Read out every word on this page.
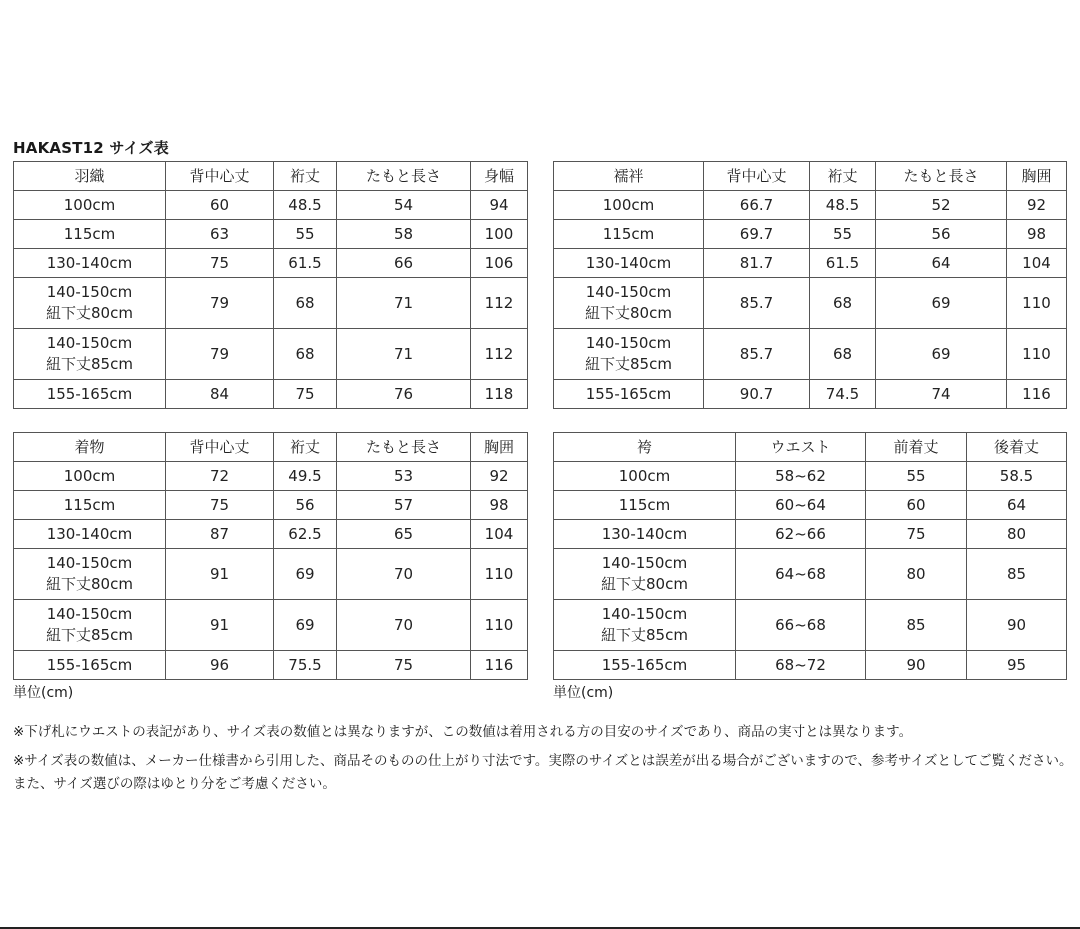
HAKAST12 サイズ表
羽織	背中心丈	裄丈	たもと長さ	身幅
100cm	60	48.5	54	94
115cm	63	55	58	100
130-140cm	75	61.5	66	106
140-150cm
紐下丈80cm	79	68	71	112
140-150cm
紐下丈85cm	79	68	71	112
155-165cm	84	75	76	118
襦袢	背中心丈	裄丈	たもと長さ	胸囲
100cm	66.7	48.5	52	92
115cm	69.7	55	56	98
130-140cm	81.7	61.5	64	104
140-150cm
紐下丈80cm	85.7	68	69	110
140-150cm
紐下丈85cm	85.7	68	69	110
155-165cm	90.7	74.5	74	116
着物	背中心丈	裄丈	たもと長さ	胸囲
100cm	72	49.5	53	92
115cm	75	56	57	98
130-140cm	87	62.5	65	104
140-150cm
紐下丈80cm	91	69	70	110
140-150cm
紐下丈85cm	91	69	70	110
155-165cm	96	75.5	75	116
袴	ウエスト	前着丈	後着丈
100cm	58~62	55	58.5
115cm	60~64	60	64
130-140cm	62~66	75	80
140-150cm
紐下丈80cm	64~68	80	85
140-150cm
紐下丈85cm	66~68	85	90
155-165cm	68~72	90	95
単位(cm)	単位(cm)
※下げ札にウエストの表記があり、サイズ表の数値とは異なりますが、この数値は着用される方の目安のサイズであり、商品の実寸とは異なります。
※サイズ表の数値は、メーカー仕様書から引用した、商品そのものの仕上がり寸法です。実際のサイズとは誤差が出る場合がございますので、参考サイズとしてご覧ください。また、サイズ選びの際はゆとり分をご考慮ください。
